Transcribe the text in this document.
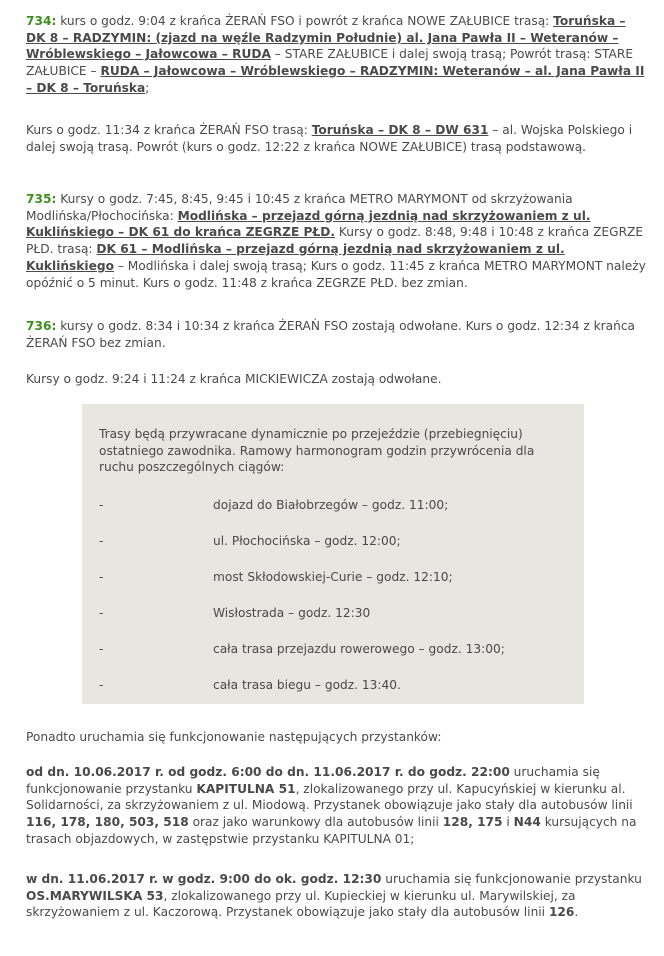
734: kurs o godz. 9:04 z krańca ŻERAŃ FSO i powrót z krańca NOWE ZAŁUBICE trasą: Toruńska – DK 8 – RADZYMIN: (zjazd na węźle Radzymin Południe) al. Jana Pawła II – Weteranów – Wróblewskiego – Jałowcowa – RUDA – STARE ZAŁUBICE i dalej swoją trasą; Powrót trasą: STARE ZAŁUBICE – RUDA – Jałowcowa – Wróblewskiego – RADZYMIN: Weteranów – al. Jana Pawła II – DK 8 – Toruńska;

Kurs o godz. 11:34 z krańca ŻERAŃ FSO trasą: Toruńska – DK 8 – DW 631 – al. Wojska Polskiego i dalej swoją trasą. Powrót (kurs o godz. 12:22 z krańca NOWE ZAŁUBICE) trasą podstawową.

735: Kursy o godz. 7:45, 8:45, 9:45 i 10:45 z krańca METRO MARYMONT od skrzyżowania Modlińska/Płochocińska: Modlińska – przejazd górną jezdnią nad skrzyżowaniem z ul. Kuklińskiego – DK 61 do krańca ZEGRZE PŁD. Kursy o godz. 8:48, 9:48 i 10:48 z krańca ZEGRZE PŁD. trasą: DK 61 – Modlińska – przejazd górną jezdnią nad skrzyżowaniem z ul. Kuklińskiego – Modlińska i dalej swoją trasą; Kurs o godz. 11:45 z krańca METRO MARYMONT należy opóźnić o 5 minut. Kurs o godz. 11:48 z krańca ZEGRZE PŁD. bez zmian.

736: kursy o godz. 8:34 i 10:34 z krańca ŻERAŃ FSO zostają odwołane. Kurs o godz. 12:34 z krańca ŻERAŃ FSO bez zmian.

Kursy o godz. 9:24 i 11:24 z krańca MICKIEWICZA zostają odwołane.

Trasy będą przywracane dynamicznie po przejeździe (przebiegnięciu) ostatniego zawodnika. Ramowy harmonogram godzin przywrócenia dla ruchu poszczególnych ciągów:

-	dojazd do Białobrzegów – godz. 11:00;
-	ul. Płochocińska – godz. 12:00;
-	most Skłodowskiej-Curie – godz. 12:10;
-	Wisłostrada – godz. 12:30
-	cała trasa przejazdu rowerowego – godz. 13:00;
-	cała trasa biegu – godz. 13:40.

Ponadto uruchamia się funkcjonowanie następujących przystanków:

od dn. 10.06.2017 r. od godz. 6:00 do dn. 11.06.2017 r. do godz. 22:00 uruchamia się funkcjonowanie przystanku KAPITULNA 51, zlokalizowanego przy ul. Kapucyńskiej w kierunku al. Solidarności, za skrzyżowaniem z ul. Miodową. Przystanek obowiązuje jako stały dla autobusów linii 116, 178, 180, 503, 518 oraz jako warunkowy dla autobusów linii 128, 175 i N44 kursujących na trasach objazdowych, w zastępstwie przystanku KAPITULNA 01;

w dn. 11.06.2017 r. w godz. 9:00 do ok. godz. 12:30 uruchamia się funkcjonowanie przystanku OS.MARYWILSKA 53, zlokalizowanego przy ul. Kupieckiej w kierunku ul. Marywilskiej, za skrzyżowaniem z ul. Kaczorową. Przystanek obowiązuje jako stały dla autobusów linii 126.
